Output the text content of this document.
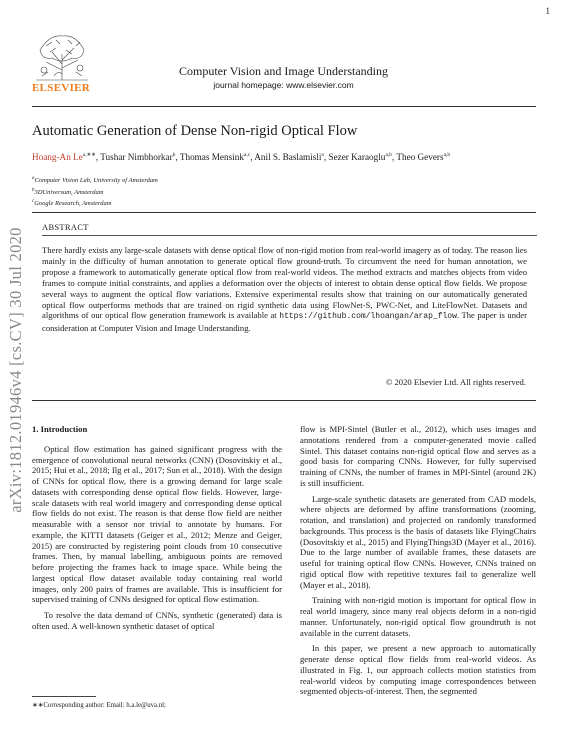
1
ELSEVIER
Computer Vision and Image Understanding
journal homepage: www.elsevier.com
Automatic Generation of Dense Non-rigid Optical Flow
Hoang-An $Le^{a,∗∗}$, Tushar Nimbhorkar$^b$, Thomas Mensink$^{a,c}$, Anil S. Baslamisli$^a$, Sezer Karaoglu$^{a,b}$, Theo Gevers$^{a,b}$
$^a$Computer Vision Lab, University of Amsterdam
$^b$3DUniversum, Amsterdam
$^c$Google Research, Amsterdam
arXiv:1812.01946v4 [cs.CV] 30 Jul 2020
ABSTRACT
There hardly exists any large-scale datasets with dense optical flow of non-rigid motion from real-world imagery as of today. The reason lies mainly in the difficulty of human annotation to generate optical flow ground-truth. To circumvent the need for human annotation, we propose a framework to automatically generate optical flow from real-world videos. The method extracts and matches objects from video frames to compute initial constraints, and applies a deformation over the objects of interest to obtain dense optical flow fields. We propose several ways to augment the optical flow variations. Extensive experimental results show that training on our automatically generated optical flow outperforms methods that are trained on rigid synthetic data using FlowNet-S, PWC-Net, and LiteFlowNet. Datasets and algorithms of our optical flow generation framework is available at https://github.com/lhoangan/arap_flow. The paper is under consideration at Computer Vision and Image Understanding.
© 2020 Elsevier Ltd. All rights reserved.
1. Introduction

Optical flow estimation has gained significant progress with the emergence of convolutional neural networks (CNN) (Dosovitskiy et al., 2015; Hui et al., 2018; Ilg et al., 2017; Sun et al., 2018). With the design of CNNs for optical flow, there is a growing demand for large scale datasets with corresponding dense optical flow fields. However, large-scale datasets with real world imagery and corresponding dense optical flow fields do not exist. The reason is that dense flow field are neither measurable with a sensor nor trivial to annotate by humans. For example, the KITTI datasets (Geiger et al., 2012; Menze and Geiger, 2015) are constructed by registering point clouds from 10 consecutive frames. Then, by manual labelling, ambiguous points are removed before projecting the frames back to image space. While being the largest optical flow dataset available today containing real world images, only 200 pairs of frames are available. This is insufficient for supervised training of CNNs designed for optical flow estimation.

To resolve the data demand of CNNs, synthetic (generated) data is often used. A well-known synthetic dataset of optical

flow is MPI-Sintel (Butler et al., 2012), which uses images and annotations rendered from a computer-generated movie called Sintel. This dataset contains non-rigid optical flow and serves as a good basis for comparing CNNs. However, for fully supervised training of CNNs, the number of frames in MPI-Sintel (around 2K) is still insufficient.

Large-scale synthetic datasets are generated from CAD models, where objects are deformed by affine transformations (zooming, rotation, and translation) and projected on randomly transformed backgrounds. This process is the basis of datasets like FlyingChairs (Dosovitskiy et al., 2015) and FlyingThings3D (Mayer et al., 2016). Due to the large number of available frames, these datasets are useful for training optical flow CNNs. However, CNNs trained on rigid optical flow with repetitive textures fail to generalize well (Mayer et al., 2018).

Training with non-rigid motion is important for optical flow in real world imagery, since many real objects deform in a non-rigid manner. Unfortunately, non-rigid optical flow groundtruth is not available in the current datasets.

In this paper, we present a new approach to automatically generate dense optical flow fields from real-world videos. As illustrated in Fig. 1, our approach collects motion statistics from real-world videos by computing image correspondences between segmented objects-of-interest. Then, the segmented

∗∗Corresponding author: Email: h.a.le@uva.nl;
